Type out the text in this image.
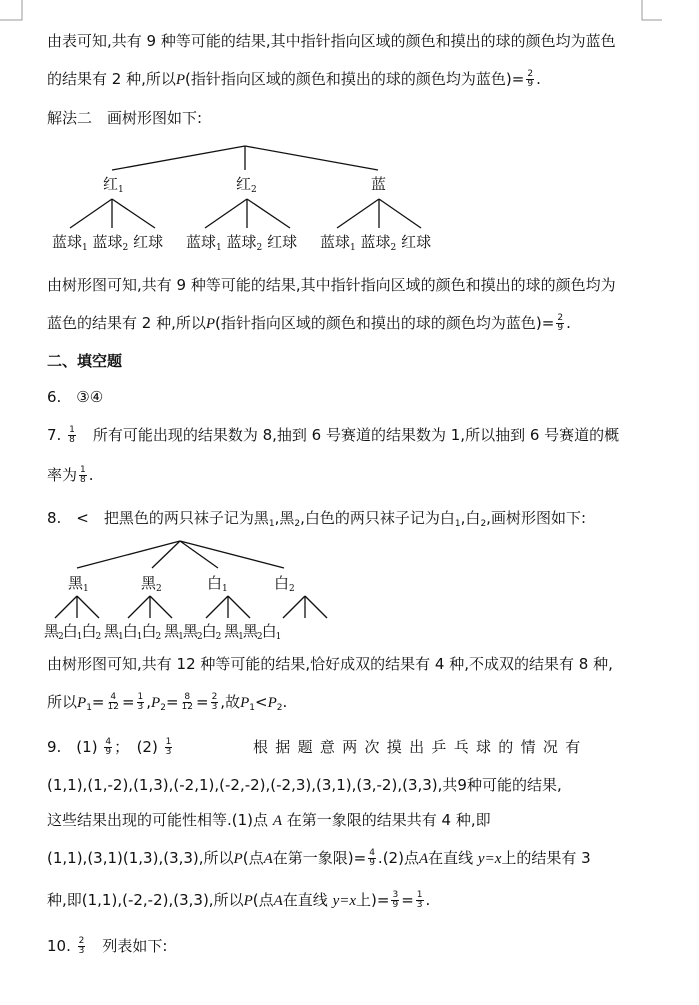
由表可知,共有 9 种等可能的结果,其中指针指向区域的颜色和摸出的球的颜色均为蓝色
的结果有 2 种,所以P(指针指向区域的颜色和摸出的球的颜色均为蓝色)= $\frac{2}{9}$ .
解法二　画树形图如下:
红$_1$	红$_2$	蓝
蓝球$_1$ 蓝球$_2$ 红球 蓝球$_1$ 蓝球$_2$ 红球 蓝球$_1$ 蓝球$_2$ 红球
由树形图可知,共有 9 种等可能的结果,其中指针指向区域的颜色和摸出的球的颜色均为
蓝色的结果有 2 种,所以P(指针指向区域的颜色和摸出的球的颜色均为蓝色)= $\frac{2}{9}$ .
二、填空题
6.　③④
7. $\frac{1}{8}$ 　所有可能出现的结果数为 8,抽到 6 号赛道的结果数为 1,所以抽到 6 号赛道的概
率为 $\frac{1}{8}$ .
8.　<　把黑色的两只袜子记为黑$_1$,黑$_2$,白色的两只袜子记为白$_1$,白$_2$,画树形图如下:
黑$_1$	黑$_2$	白$_1$	白$_2$
黑$_2$白$_1$白$_2$ 黑$_1$白$_1$白$_2$ 黑$_1$黑$_2$白$_2$ 黑$_1$黑$_2$白$_1$
由树形图可知,共有 12 种等可能的结果,恰好成双的结果有 4 种,不成双的结果有 8 种,
所以$P_1= \frac{4}{12} = \frac{1}{3} ,P_2= \frac{8}{12} = \frac{2}{3}$ ,故$P_1<P_2$.
9.　$(1) \frac{4}{9}$ ；　$(2) \frac{1}{3}$	根据题意两次摸出乒乓球的情况有
(1,1),(1,-2),(1,3),(-2,1),(-2,-2),(-2,3),(3,1),(3,-2),(3,3),共9种可能的结果,
这些结果出现的可能性相等.(1)点 A 在第一象限的结果共有 4 种,即
(1,1),(3,1)(1,3),(3,3),所以P(点A在第一象限)= $\frac{4}{9} .(2)$点A在直线 y=x上的结果有 3
种,即(1,1),(-2,-2),(3,3),所以P(点A在直线 y=x上)= $\frac{3}{9} = \frac{1}{3}$ .
10. $\frac{2}{3}$ 　列表如下:
